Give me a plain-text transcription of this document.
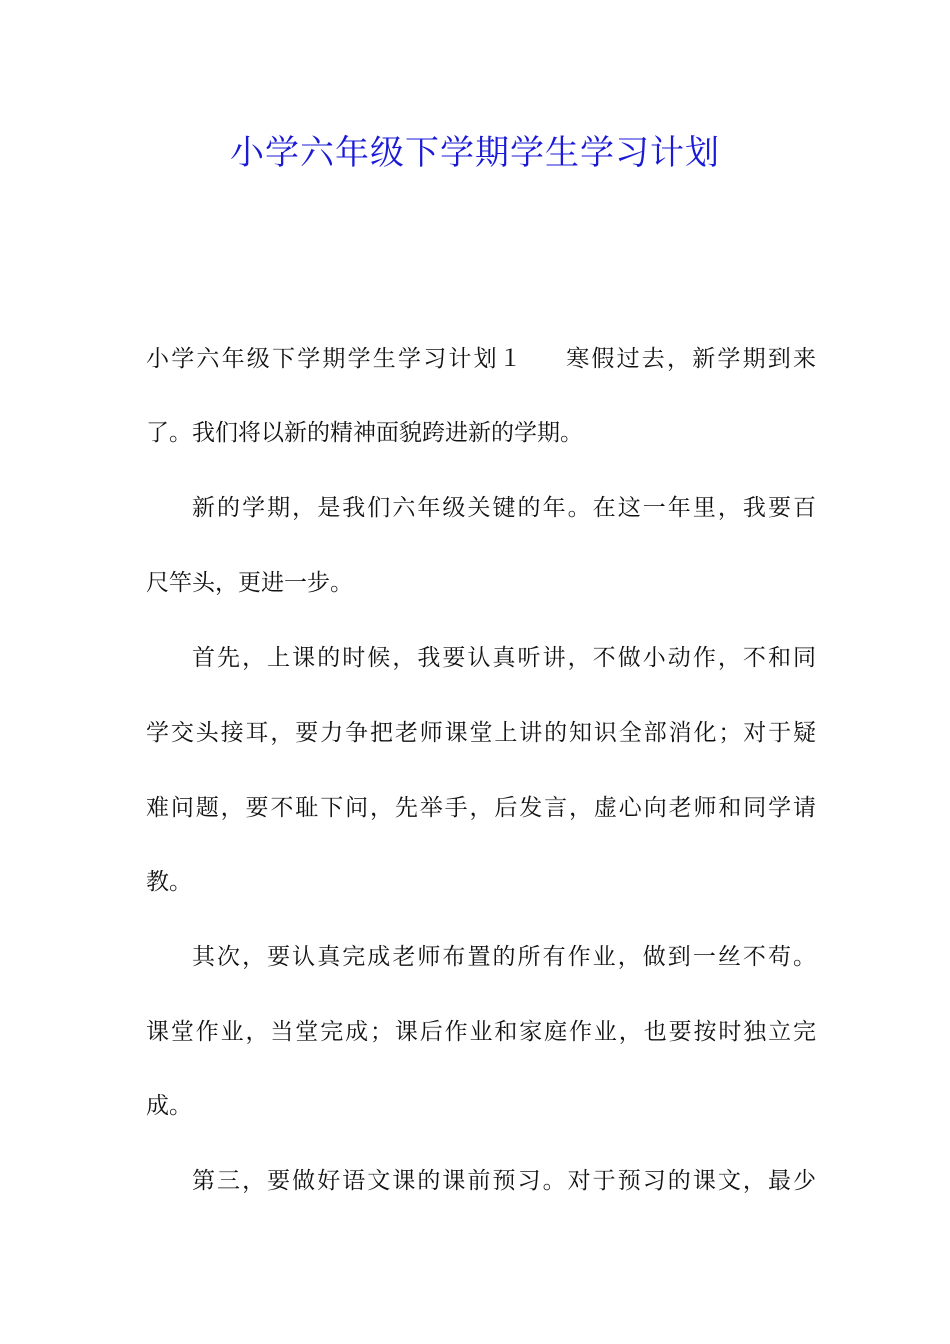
小学六年级下学期学生学习计划
小学六年级下学期学生学习计划１ 寒假过去，新学期到来
了。我们将以新的精神面貌跨进新的学期。
新的学期，是我们六年级关键的年。在这一年里，我要百
尺竿头，更进一步。
首先，上课的时候，我要认真听讲，不做小动作，不和同
学交头接耳，要力争把老师课堂上讲的知识全部消化；对于疑
难问题，要不耻下问，先举手，后发言，虚心向老师和同学请
教。
其次，要认真完成老师布置的所有作业，做到一丝不苟。
课堂作业，当堂完成；课后作业和家庭作业，也要按时独立完
成。
第三，要做好语文课的课前预习。对于预习的课文，最少
